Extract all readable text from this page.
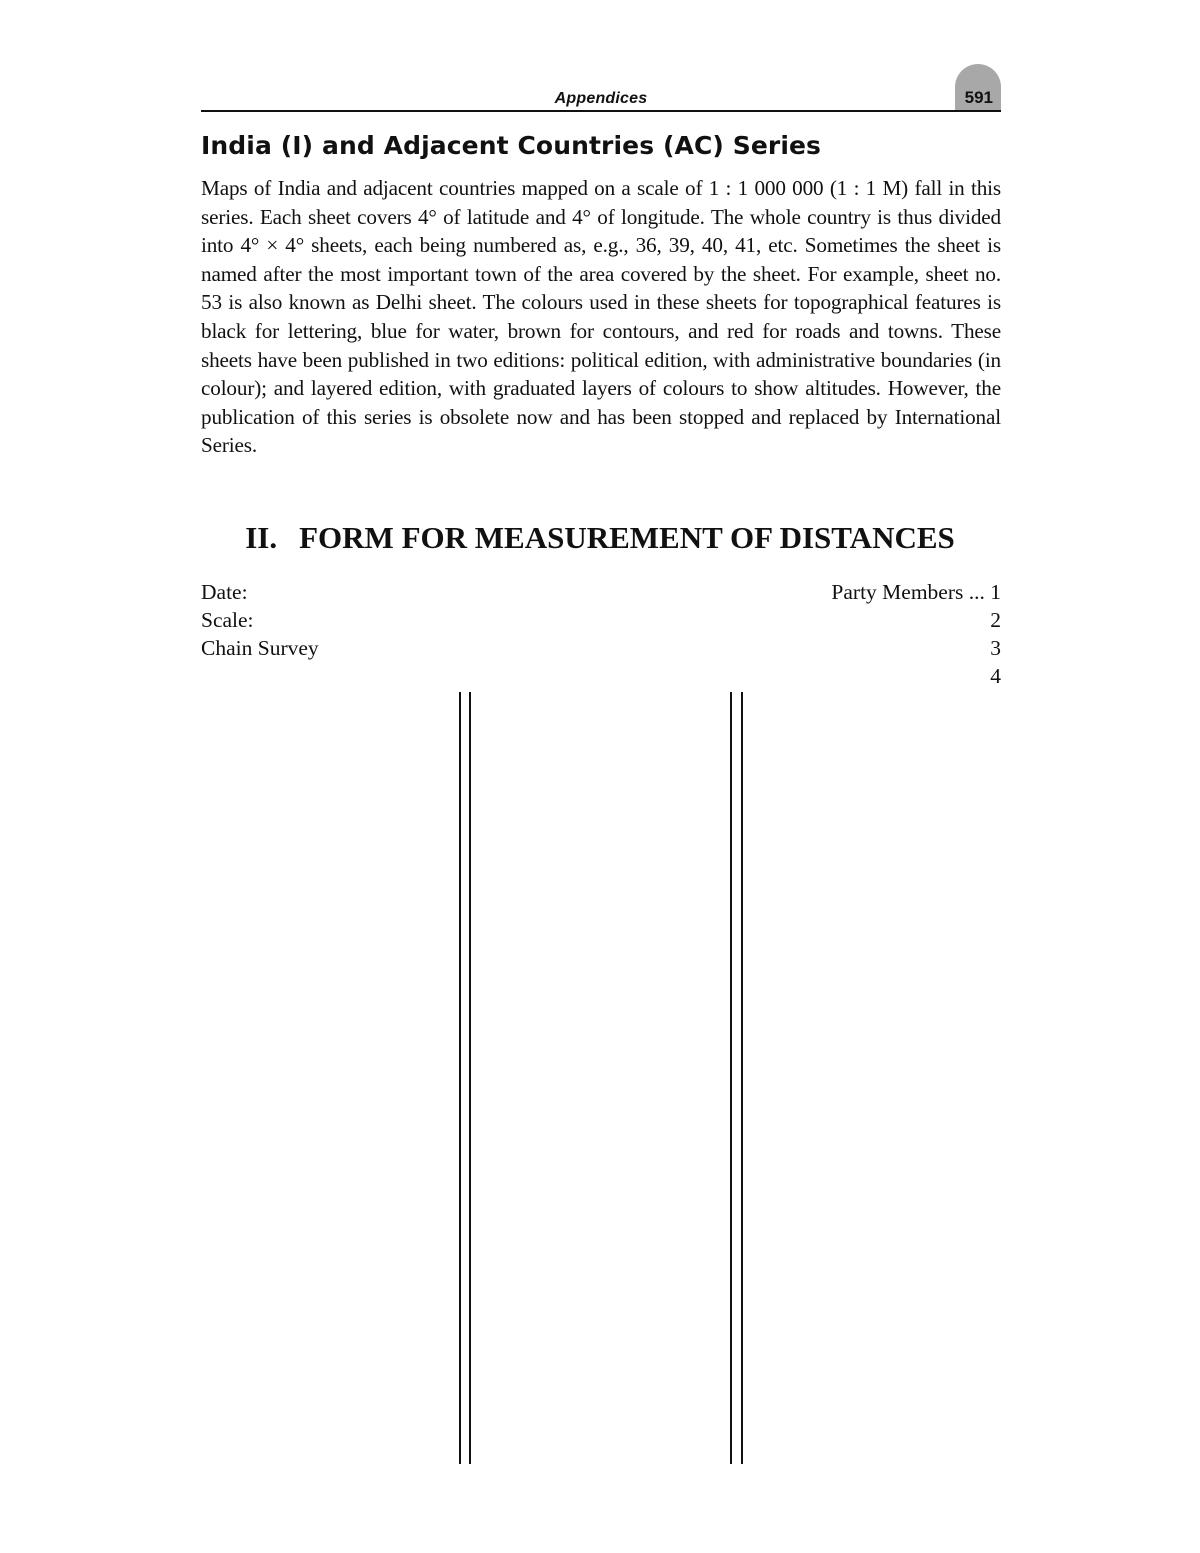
Appendices	591
India (I) and Adjacent Countries (AC) Series

Maps of India and adjacent countries mapped on a scale of 1 : 1 000 000 (1 : 1 M) fall in this series. Each sheet covers 4° of latitude and 4° of longitude. The whole country is thus divided into 4° × 4° sheets, each being numbered as, e.g., 36, 39, 40, 41, etc. Sometimes the sheet is named after the most important town of the area covered by the sheet. For example, sheet no. 53 is also known as Delhi sheet. The colours used in these sheets for topographical features is black for lettering, blue for water, brown for contours, and red for roads and towns. These sheets have been published in two editions: political edition, with administrative boundaries (in colour); and layered edition, with graduated layers of colours to show altitudes. However, the publication of this series is obsolete now and has been stopped and replaced by International Series.

II. FORM FOR MEASUREMENT OF DISTANCES
Date:
Scale:
Chain Survey
Party Members ... 1
2
3
4
